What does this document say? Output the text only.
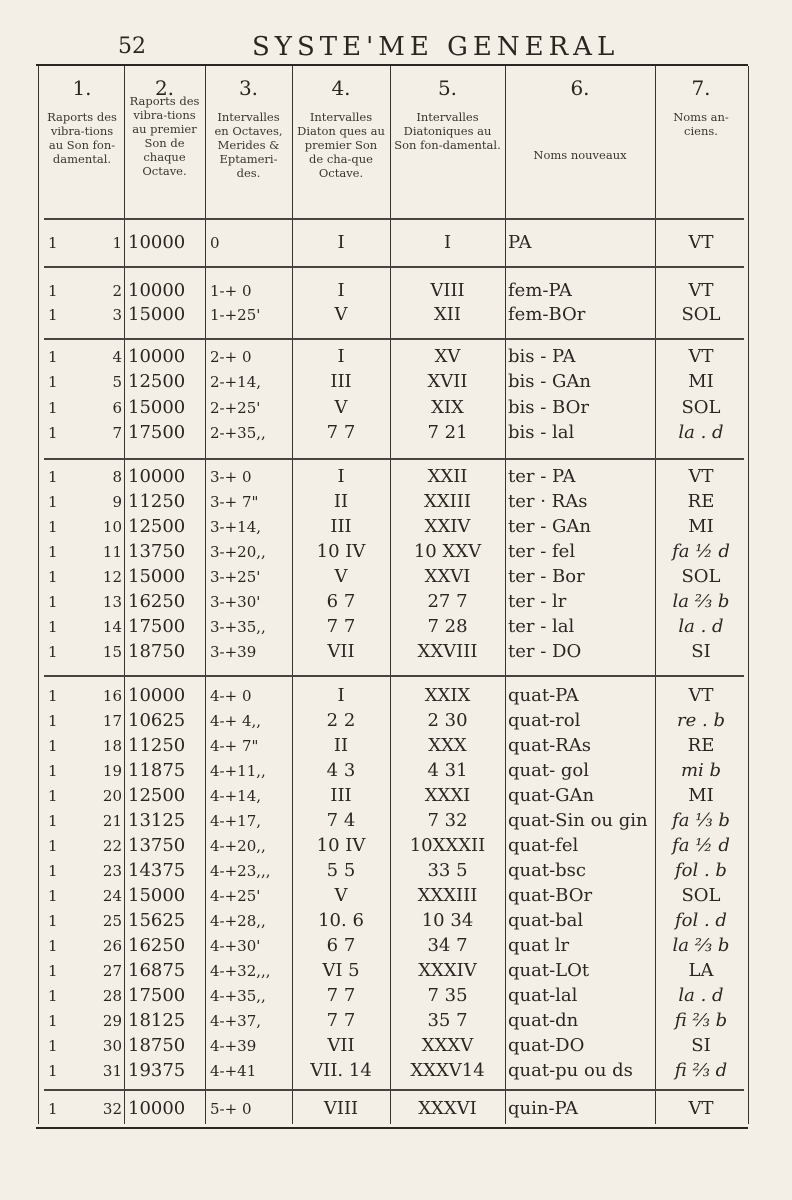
52	SYSTE'ME GENERAL
1.
Raports des vibra-tions au Son fon-damental.
2.
Raports des vibra-tions au premier Son de chaque Octave.
3.
Intervalles en Octaves, Merides & Eptameri-des.
4.
Intervalles Diaton ques au premier Son de cha-que Octave.
5.
Intervalles Diatoniques au Son fon-damental.
6.
Noms nouveaux
7.
Noms an-ciens.
1	1 10000	0	I	I	PA	VT
1	2 10000	1-+ 0	I	VIII	fem-PA	VT
1	3 15000	1-+25'	V	XII	fem-BOr	SOL
1	4 10000	2-+ 0	I	XV	bis - PA	VT
1	5 12500	2-+14,	III	XVII	bis - GAn	MI
1	6 15000	2-+25'	V	XIX	bis - BOr	SOL
1	7 17500	2-+35,,	7 7	7 21	bis - lal	la . d
1	8 10000	3-+ 0	I	XXII	ter - PA	VT
1	9 11250	3-+ 7"	II	XXIII	ter · RAs	RE
1	10 12500	3-+14,	III	XXIV	ter - GAn	MI
1	11 13750	3-+20,,	10 IV	10 XXV	ter - fel	fa ½ d
1	12 15000	3-+25'	V	XXVI	ter - Bor	SOL
1	13 16250	3-+30'	6 7	27 7	ter - lr	la ⅔ b
1	14 17500	3-+35,,	7 7	7 28	ter - lal	la . d
1	15 18750	3-+39	VII	XXVIII	ter - DO	SI
1	16 10000	4-+ 0	I	XXIX	quat-PA	VT
1	17 10625	4-+ 4,,	2 2	2 30	quat-rol	re . b
1	18 11250	4-+ 7"	II	XXX	quat-RAs	RE
1	19 11875	4-+11,,	4 3	4 31	quat- gol	mi b
1	20 12500	4-+14,	III	XXXI	quat-GAn	MI
1	21 13125	4-+17,	7 4	7 32	quat-Sin ou gin	fa ⅓ b
1	22 13750	4-+20,,	10 IV	10XXXII	quat-fel	fa ½ d
1	23 14375	4-+23,,,	5 5	33 5	quat-bsc	fol . b
1	24 15000	4-+25'	V	XXXIII	quat-BOr	SOL
1	25 15625	4-+28,,	10. 6	10 34	quat-bal	fol . d
1	26 16250	4-+30'	6 7	34 7	quat lr	la ⅔ b
1	27 16875	4-+32,,,	VI 5	XXXIV	quat-LOt	LA
1	28 17500	4-+35,,	7 7	7 35	quat-lal	la . d
1	29 18125	4-+37,	7 7	35 7	quat-dn	fi ⅔ b
1	30 18750	4-+39	VII	XXXV	quat-DO	SI
1	31 19375	4-+41	VII. 14	XXXV14	quat-pu ou ds	fi ⅔ d
1	32 10000	5-+ 0	VIII	XXXVI	quin-PA	VT
